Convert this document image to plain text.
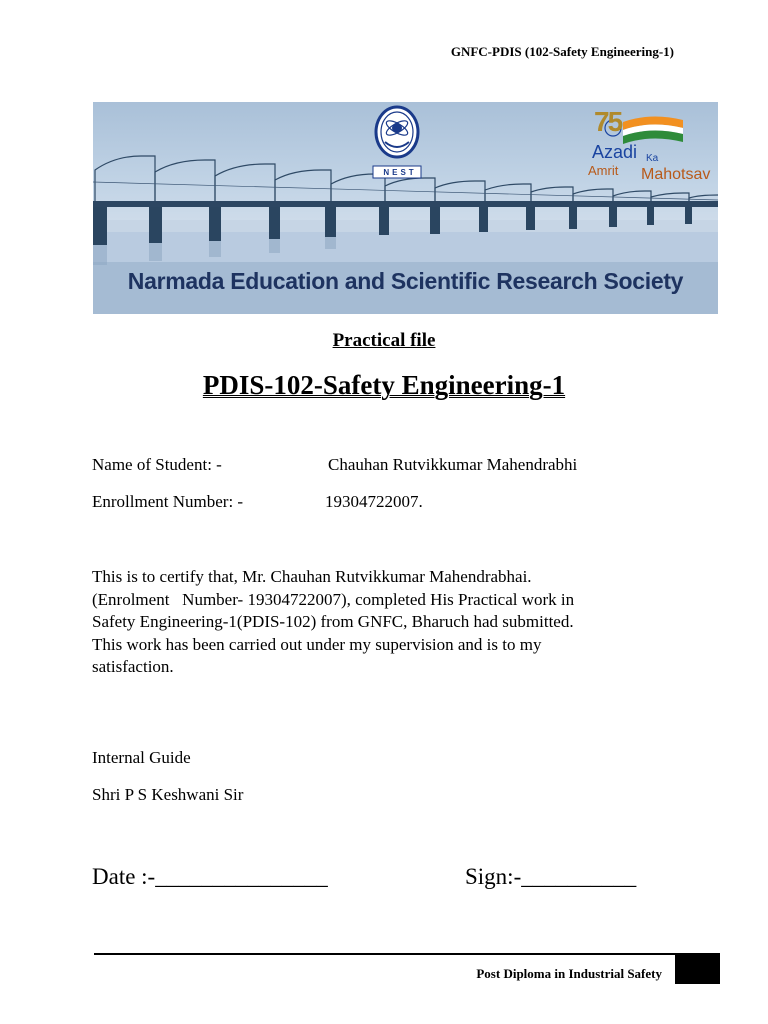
GNFC-PDIS (102-Safety Engineering-1)
NEST
75
Azadi Ka
Amrit Mahotsav
Narmada Education and Scientific Research Society
Practical file
PDIS-102-Safety Engineering-1
Name of Student: -	Chauhan Rutvikkumar Mahendrabhi
Enrollment Number: -	19304722007.
This is to certify that, Mr. Chauhan Rutvikkumar Mahendrabhai.
(Enrolment   Number- 19304722007), completed His Practical work in
Safety Engineering-1(PDIS-102) from GNFC, Bharuch had submitted.
This work has been carried out under my supervision and is to my
satisfaction.
Internal Guide
Shri P S Keshwani Sir
Date :-_______________	Sign:-__________
Post Diploma in Industrial Safety
